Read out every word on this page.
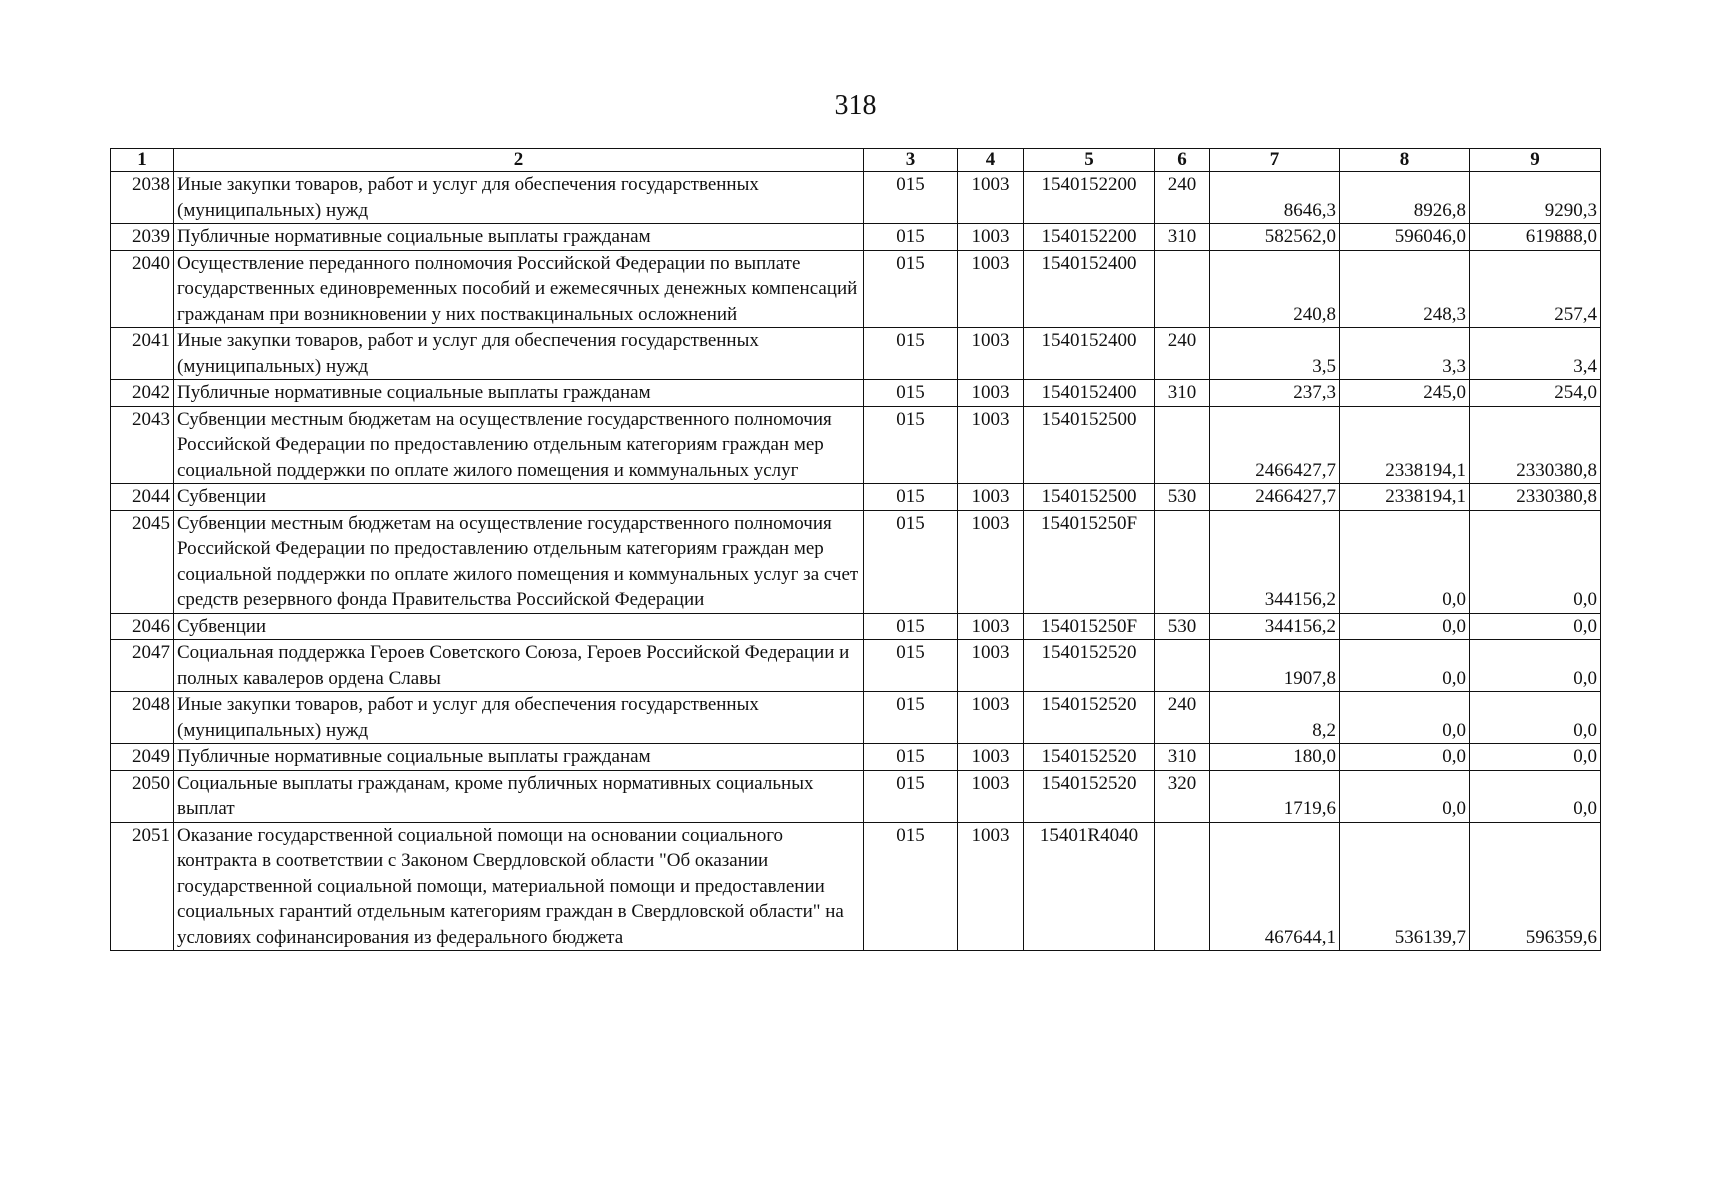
318
1	2	3	4	5	6	7	8	9
2038	Иные закупки товаров, работ и услуг для обеспечения государственных (муниципальных) нужд	015	1003	1540152200	240	8646,3	8926,8	9290,3
2039	Публичные нормативные социальные выплаты гражданам	015	1003	1540152200	310	582562,0	596046,0	619888,0
2040	Осуществление переданного полномочия Российской Федерации по выплате государственных единовременных пособий и ежемесячных денежных компенсаций гражданам при возникновении у них поствакцинальных осложнений	015	1003	1540152400		240,8	248,3	257,4
2041	Иные закупки товаров, работ и услуг для обеспечения государственных (муниципальных) нужд	015	1003	1540152400	240	3,5	3,3	3,4
2042	Публичные нормативные социальные выплаты гражданам	015	1003	1540152400	310	237,3	245,0	254,0
2043	Субвенции местным бюджетам на осуществление государственного полномочия Российской Федерации по предоставлению отдельным категориям граждан мер социальной поддержки по оплате жилого помещения и коммунальных услуг	015	1003	1540152500		2466427,7	2338194,1	2330380,8
2044	Субвенции	015	1003	1540152500	530	2466427,7	2338194,1	2330380,8
2045	Субвенции местным бюджетам на осуществление государственного полномочия Российской Федерации по предоставлению отдельным категориям граждан мер социальной поддержки по оплате жилого помещения и коммунальных услуг за счет средств резервного фонда Правительства Российской Федерации	015	1003	154015250F		344156,2	0,0	0,0
2046	Субвенции	015	1003	154015250F	530	344156,2	0,0	0,0
2047	Социальная поддержка Героев Советского Союза, Героев Российской Федерации и полных кавалеров ордена Славы	015	1003	1540152520		1907,8	0,0	0,0
2048	Иные закупки товаров, работ и услуг для обеспечения государственных (муниципальных) нужд	015	1003	1540152520	240	8,2	0,0	0,0
2049	Публичные нормативные социальные выплаты гражданам	015	1003	1540152520	310	180,0	0,0	0,0
2050	Социальные выплаты гражданам, кроме публичных нормативных социальных выплат	015	1003	1540152520	320	1719,6	0,0	0,0
2051	Оказание государственной социальной помощи на основании социального контракта в соответствии с Законом Свердловской области "Об оказании государственной социальной помощи, материальной помощи и предоставлении социальных гарантий отдельным категориям граждан в Свердловской области" на условиях софинансирования из федерального бюджета	015	1003	15401R4040		467644,1	536139,7	596359,6
